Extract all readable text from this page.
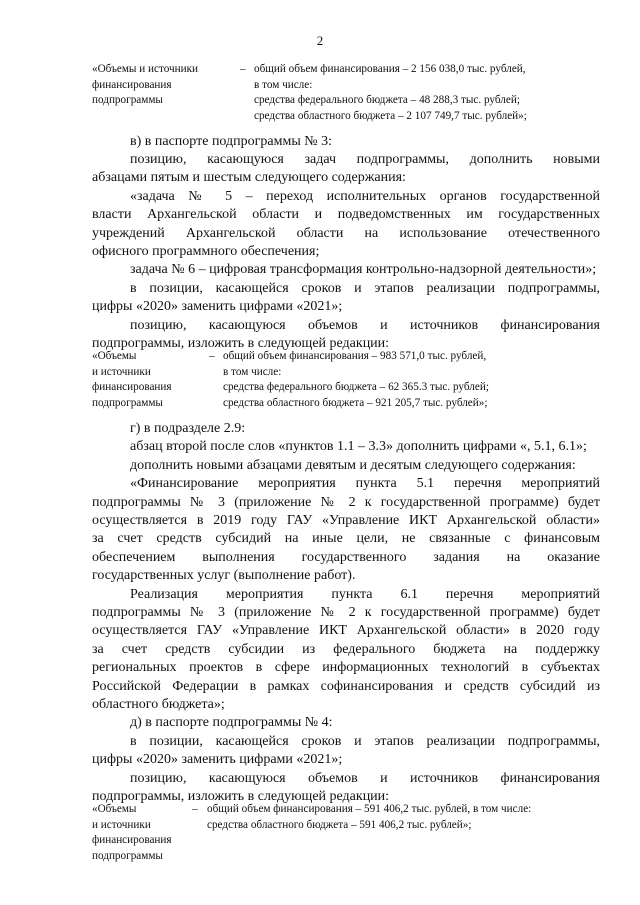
2
«Объемы и источники
финансирования
подпрограммы
– общий объем финансирования – 2 156 038,0 тыс. рублей,
в том числе:
средства федерального бюджета – 48 288,3 тыс. рублей;
средства областного бюджета – 2 107 749,7 тыс. рублей»;
в) в паспорте подпрограммы № 3:
позицию, касающуюся задач подпрограммы, дополнить новыми
абзацами пятым и шестым следующего содержания:
«задача № 5 – переход исполнительных органов государственной
власти Архангельской области и подведомственных им государственных
учреждений Архангельской области на использование отечественного
офисного программного обеспечения;
задача № 6 – цифровая трансформация контрольно-надзорной деятельности»;
в позиции, касающейся сроков и этапов реализации подпрограммы,
цифры «2020» заменить цифрами «2021»;
позицию, касающуюся объемов и источников финансирования
подпрограммы, изложить в следующей редакции:
«Объемы
и источники
финансирования
подпрограммы
– общий объем финансирования – 983 571,0 тыс. рублей,
в том числе:
средства федерального бюджета – 62 365.3 тыс. рублей;
средства областного бюджета – 921 205,7 тыс. рублей»;
г) в подразделе 2.9:
абзац второй после слов «пунктов 1.1 – 3.3» дополнить цифрами «, 5.1, 6.1»;
дополнить новыми абзацами девятым и десятым следующего содержания:
«Финансирование мероприятия пункта 5.1 перечня мероприятий
подпрограммы № 3 (приложение № 2 к государственной программе) будет
осуществляется в 2019 году ГАУ «Управление ИКТ Архангельской области»
за счет средств субсидий на иные цели, не связанные с финансовым
обеспечением выполнения государственного задания на оказание
государственных услуг (выполнение работ).
Реализация мероприятия пункта 6.1 перечня мероприятий
подпрограммы № 3 (приложение № 2 к государственной программе) будет
осуществляется ГАУ «Управление ИКТ Архангельской области» в 2020 году
за счет средств субсидии из федерального бюджета на поддержку
региональных проектов в сфере информационных технологий в субъектах
Российской Федерации в рамках софинансирования и средств субсидий из
областного бюджета»;
д) в паспорте подпрограммы № 4:
в позиции, касающейся сроков и этапов реализации подпрограммы,
цифры «2020» заменить цифрами «2021»;
позицию, касающуюся объемов и источников финансирования
подпрограммы, изложить в следующей редакции:
«Объемы
и источники
финансирования
подпрограммы
– общий объем финансирования – 591 406,2 тыс. рублей, в том числе:
средства областного бюджета – 591 406,2 тыс. рублей»;
